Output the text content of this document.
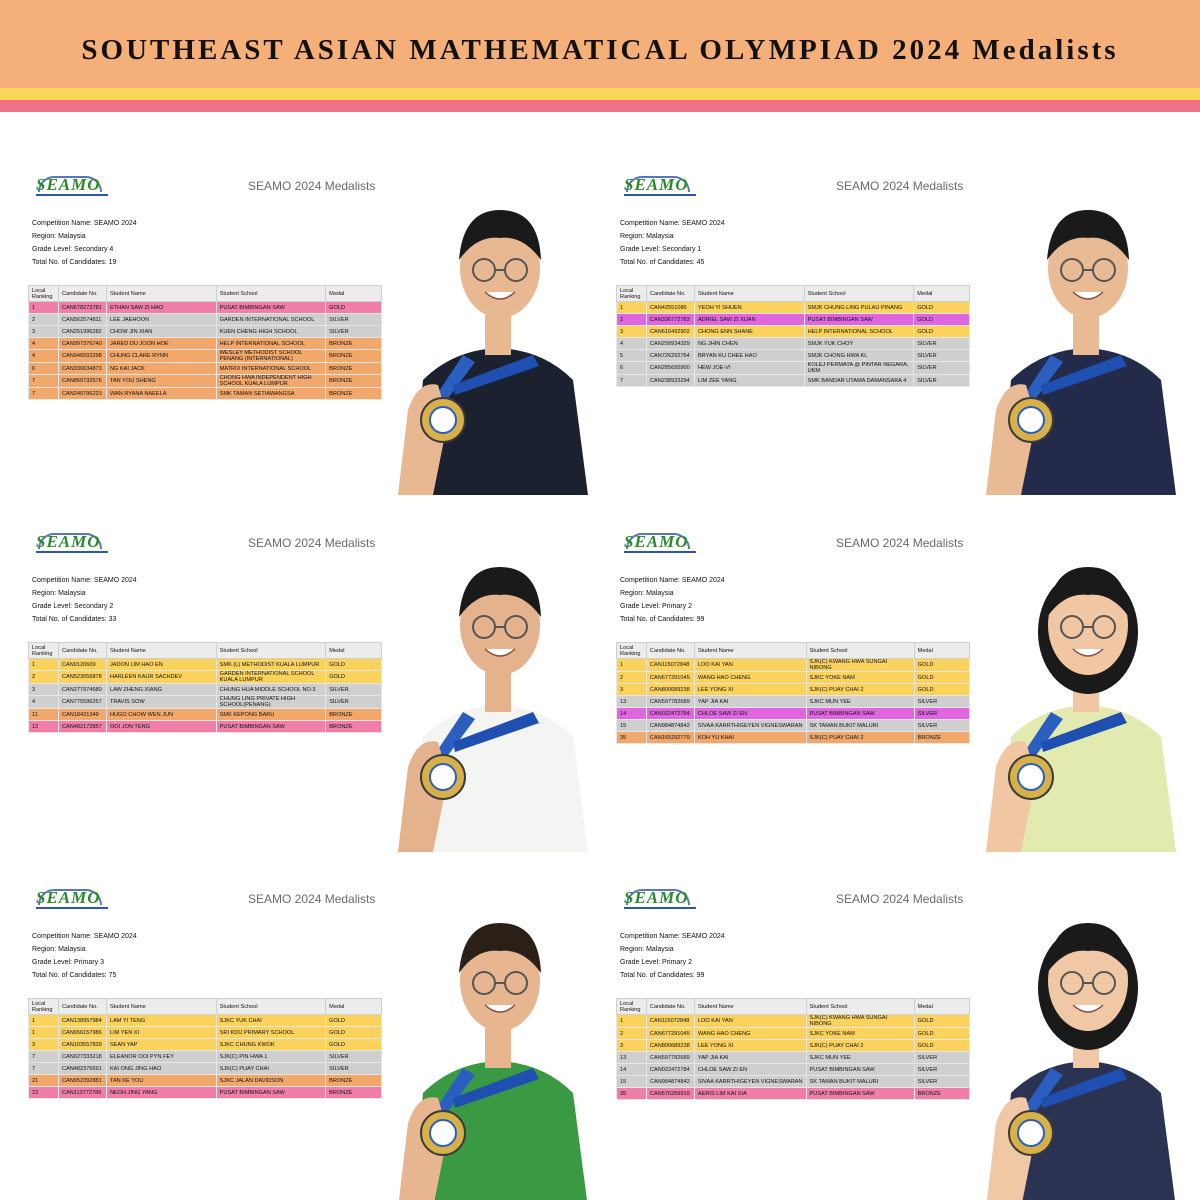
SOUTHEAST ASIAN MATHEMATICAL OLYMPIAD 2024 Medalists
SEAMO	SEAMO 2024 Medalists
Competition Name: SEAMO 2024
Region: Malaysia
Grade Level: Secondary 4
Total No. of Candidates: 19
Local Ranking	Candidate No.	Student Name	Student School	Medal
1	CAN678272781	ETHAN SAW ZI HAO	PUSAT BIMBINGAN SAW	GOLD
2	CAN562574811	LEE JAEHOON	GARDEN INTERNATIONAL SCHOOL	SILVER
3	CAN251996282	CHOW JIN XIAN	KUEN CHENG HIGH SCHOOL	SILVER
4	CAN997376740	JARED DU JOON HOE	HELP INTERNATIONAL SCHOOL	BRONZE
4	CAN946592298	CHUNG CLARE RYNN	WESLEY METHODIST SCHOOL PENANG (INTERNATIONAL)	BRONZE
6	CAN330634873	NG KAI JACK	MATRIX INTERNATIONAL SCHOOL	BRONZE
7	CAN860732576	TAN YOU SHENG	CHONG HWA INDEPENDENT HIGH SCHOOL KUALA LUMPUR	BRONZE
7	CAN240796223	WAN RYANA NAEELA	SMK TAMAN SETIAWANGSA	BRONZE
SEAMO	SEAMO 2024 Medalists
Competition Name: SEAMO 2024
Region: Malaysia
Grade Level: Secondary 1
Total No. of Candidates: 45
Local Ranking	Candidate No.	Student Name	Student School	Medal
1	CAN42551086	YEOH YI SHUEN	SMJK CHUNG LING PULAU PINANG	GOLD
2	CAN336772783	ADRIEL SAW ZI XUAN	PUSAT BIMBINGAN SAW	GOLD
3	CAN616492902	CHONG ENN SHANE	HELP INTERNATIONAL SCHOOL	GOLD
4	CAN299934329	NG JHIN CHEN	SMJK YUK CHOY	SILVER
5	CAN726292764	BRYAN KU CHEE HAO	SMJK CHONG HWA KL	SILVER
6	CAN285695900	HEW JOE-VI	KOLEJ PERMATA @ PINTAR NEGARA, UKM	SILVER
7	CAN238933294	LIM ZEE YANG	SMK BANDAR UTAMA DAMANSARA 4	SILVER
SEAMO	SEAMO 2024 Medalists
Competition Name: SEAMO 2024
Region: Malaysia
Grade Level: Secondary 2
Total No. of Candidates: 33
Local Ranking	Candidate No.	Student Name	Student School	Medal
1	CAN9120609	JADON LIM HAO EN	SMK (L) METHODIST KUALA LUMPUR	GOLD
2	CAN523056878	HARLEEN KAUR SACHDEV	GARDEN INTERNATIONAL SCHOOL KUALA LUMPUR	GOLD
3	CAN277974680	LAW ZHENG XIANG	CHUNG HUA MIDDLE SCHOOL NO.3	SILVER
4	CAN775596267	TRAVIS SOW	CHUNG LING PRIVATE HIGH SCHOOL(PENANG)	SILVER
11	CAN18431349	HUGO CHOW WEN JUN	SMK KEPONG BARU	BRONZE
12	CAN482172857	OOI JON TENG	PUSAT BIMBINGAN SAW	BRONZE
SEAMO	SEAMO 2024 Medalists
Competition Name: SEAMO 2024
Region: Malaysia
Grade Level: Primary 2
Total No. of Candidates: 99
Local Ranking	Candidate No.	Student Name	Student School	Medal
1	CAN115072848	LOO KAI YAN	SJK(C) KWANG HWA SUNGAI NIBONG	GOLD
2	CAN677291045	WANG HAO CHENG	SJKC YOKE NAM	GOLD
3	CAN800689238	LEE YONG XI	SJK(C) PUAY CHAI 2	GOLD
13	CAN597782689	YAP JIA KAI	SJKC MUN YEE	SILVER
14	CAN022472784	CHLOE SAW ZI EN	PUSAT BIMBINGAN SAW	SILVER
15	CAN984874842	SIVAA KARRTHIGEYEN VIGNESWARAN	SK TAMAN BUKIT MALURI	SILVER
35	CAN165292779	KOH YU KHAI	SJK(C) PUAY CHAI 2	BRONZE
SEAMO	SEAMO 2024 Medalists
Competition Name: SEAMO 2024
Region: Malaysia
Grade Level: Primary 3
Total No. of Candidates: 75
Local Ranking	Candidate No.	Student Name	Student School	Medal
1	CAN138957984	LAM YI TENG	SJKC YUK CHAI	GOLD
1	CAN656157986	LIM YEN XI	SRI KDU PRIMARY SCHOOL	GOLD
3	CAN103557839	SEAN YAP	SJKC CHUNG KWOK	GOLD
7	CAN027333218	ELEANOR OOI PYN FEY	SJK(C) PIN HWA 1	SILVER
7	CAN482376691	KAI ONG JING HAO	SJK(C) PUAY CHAI	SILVER
21	CAN952392881	TAN KE YOU	SJKC JALAN DAVIDSON	BRONZE
22	CAN113772786	NEOH JING YANG	PUSAT BIMBINGAN SAW	BRONZE
SEAMO	SEAMO 2024 Medalists
Competition Name: SEAMO 2024
Region: Malaysia
Grade Level: Primary 2
Total No. of Candidates: 99
Local Ranking	Candidate No.	Student Name	Student School	Medal
1	CAN115072848	LOO KAI YAN	SJK(C) KWANG HWA SUNGAI NIBONG	GOLD
2	CAN677291045	WANG HAO CHENG	SJKC YOKE NAM	GOLD
3	CAN800689238	LEE YONG XI	SJK(C) PUAY CHAI 2	GOLD
13	CAN597782689	YAP JIA KAI	SJKC MUN YEE	SILVER
14	CAN022472784	CHLOE SAW ZI EN	PUSAT BIMBINGAN SAW	SILVER
15	CAN984874842	SIVAA KARRTHIGEYEN VIGNESWARAN	SK TAMAN BUKIT MALURI	SILVER
35	CAN576289919	AERIS LIM KAI XIA	PUSAT BIMBINGAN SAW	BRONZE
